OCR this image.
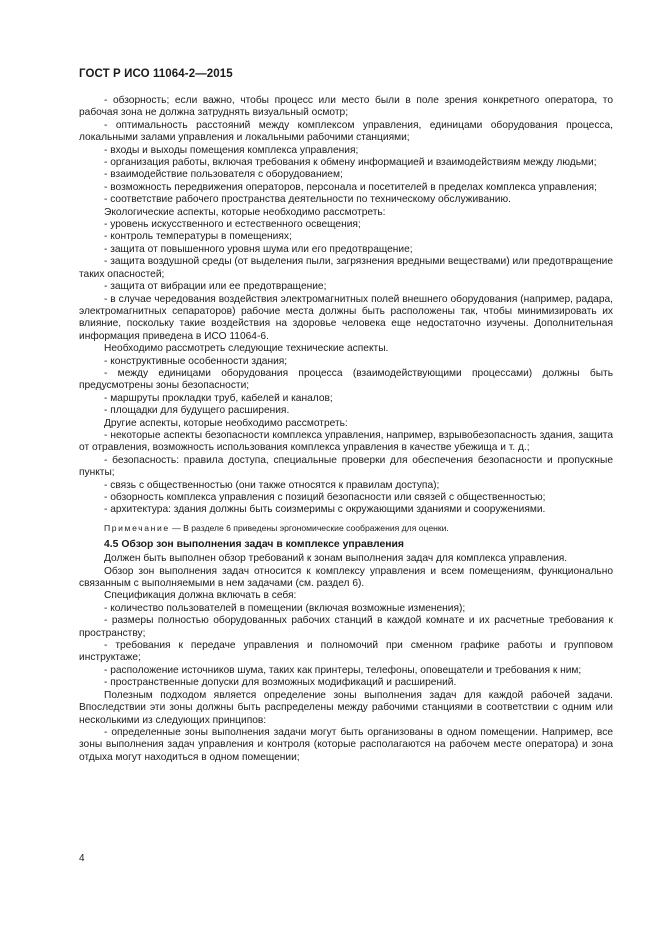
ГОСТ Р ИСО 11064-2—2015

- обзорность; если важно, чтобы процесс или место были в поле зрения конкретного оператора, то рабочая зона не должна затруднять визуальный осмотр;

- оптимальность расстояний между комплексом управления, единицами оборудования процесса, локальными залами управления и локальными рабочими станциями;

- входы и выходы помещения комплекса управления;

- организация работы, включая требования к обмену информацией и взаимодействиям между людьми;

- взаимодействие пользователя с оборудованием;

- возможность передвижения операторов, персонала и посетителей в пределах комплекса управления;

- соответствие рабочего пространства деятельности по техническому обслуживанию.

Экологические аспекты, которые необходимо рассмотреть:

- уровень искусственного и естественного освещения;

- контроль температуры в помещениях;

- защита от повышенного уровня шума или его предотвращение;

- защита воздушной среды (от выделения пыли, загрязнения вредными веществами) или предотвращение таких опасностей;

- защита от вибрации или ее предотвращение;

- в случае чередования воздействия электромагнитных полей внешнего оборудования (например, радара, электромагнитных сепараторов) рабочие места должны быть расположены так, чтобы минимизировать их влияние, поскольку такие воздействия на здоровье человека еще недостаточно изучены. Дополнительная информация приведена в ИСО 11064-6.

Необходимо рассмотреть следующие технические аспекты.

- конструктивные особенности здания;

- между единицами оборудования процесса (взаимодействующими процессами) должны быть предусмотрены зоны безопасности;

- маршруты прокладки труб, кабелей и каналов;

- площадки для будущего расширения.

Другие аспекты, которые необходимо рассмотреть:

- некоторые аспекты безопасности комплекса управления, например, взрывобезопасность здания, защита от отравления, возможность использования комплекса управления в качестве убежища и т. д.;

- безопасность: правила доступа, специальные проверки для обеспечения безопасности и пропускные пункты;

- связь с общественностью (они также относятся к правилам доступа);

- обзорность комплекса управления с позиций безопасности или связей с общественностью;

- архитектура: здания должны быть соизмеримы с окружающими зданиями и сооружениями.

Примечание — В разделе 6 приведены эргономические соображения для оценки.

4.5 Обзор зон выполнения задач в комплексе управления

Должен быть выполнен обзор требований к зонам выполнения задач для комплекса управления.

Обзор зон выполнения задач относится к комплексу управления и всем помещениям, функционально связанным с выполняемыми в нем задачами (см. раздел 6).

Спецификация должна включать в себя:

- количество пользователей в помещении (включая возможные изменения);

- размеры полностью оборудованных рабочих станций в каждой комнате и их расчетные требования к пространству;

- требования к передаче управления и полномочий при сменном графике работы и групповом инструктаже;

- расположение источников шума, таких как принтеры, телефоны, оповещатели и требования к ним;

- пространственные допуски для возможных модификаций и расширений.

Полезным подходом является определение зоны выполнения задач для каждой рабочей задачи. Впоследствии эти зоны должны быть распределены между рабочими станциями в соответствии с одним или несколькими из следующих принципов:

- определенные зоны выполнения задачи могут быть организованы в одном помещении. Например, все зоны выполнения задач управления и контроля (которые располагаются на рабочем месте оператора) и зона отдыха могут находиться в одном помещении;

4
